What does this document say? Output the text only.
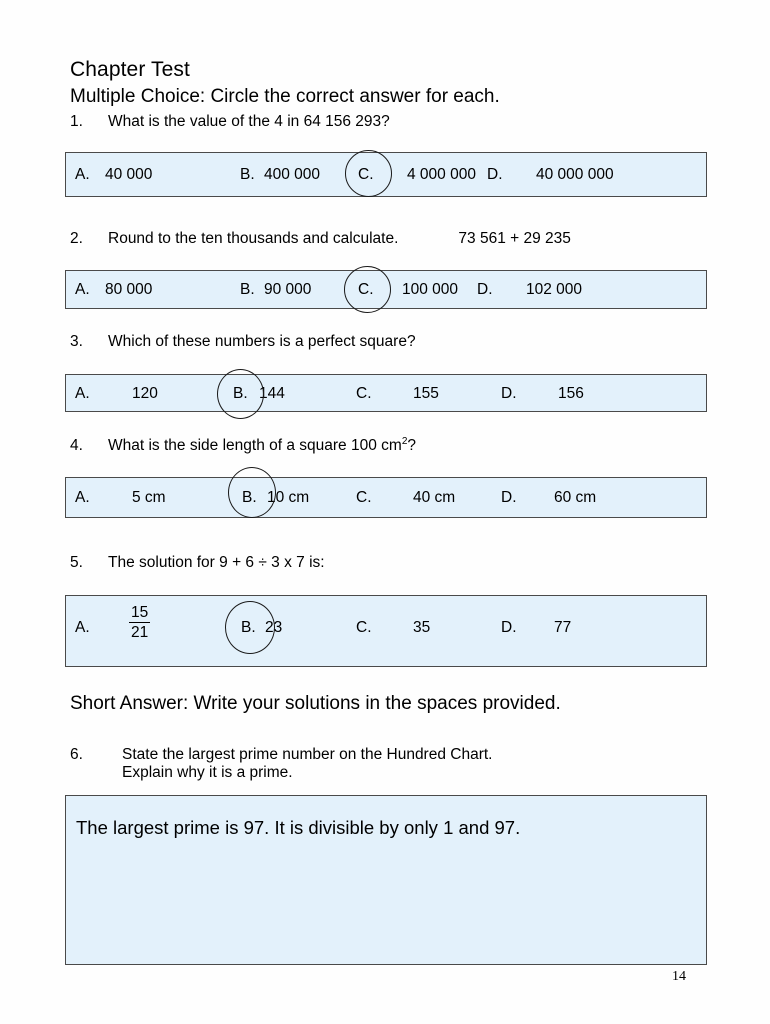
Chapter Test
Multiple Choice: Circle the correct answer for each.
1. What is the value of the 4 in 64 156 293?
A. 40 000	B. 400 000 C. 4 000 000 D. 40 000 000
2. Round to the ten thousands and calculate.	73 561 + 29 235
A. 80 000	B. 90 000	C. 100 000 D. 102 000
3. Which of these numbers is a perfect square?
A.	120	B. 144	C.	155	D.	156
4. What is the side length of a square 100 $cm^2$?
A.	5 cm	B. 10 cm	C.	40 cm	D. 60 cm
5. The solution for 9 + 6 ÷ 3 x 7 is:
A.	$\frac{15}{21}$	B. 23	C.	35	D. 77
Short Answer: Write your solutions in the spaces provided.
6.	State the largest prime number on the Hundred Chart.
Explain why it is a prime.
The largest prime is 97. It is divisible by only 1 and 97.
14
